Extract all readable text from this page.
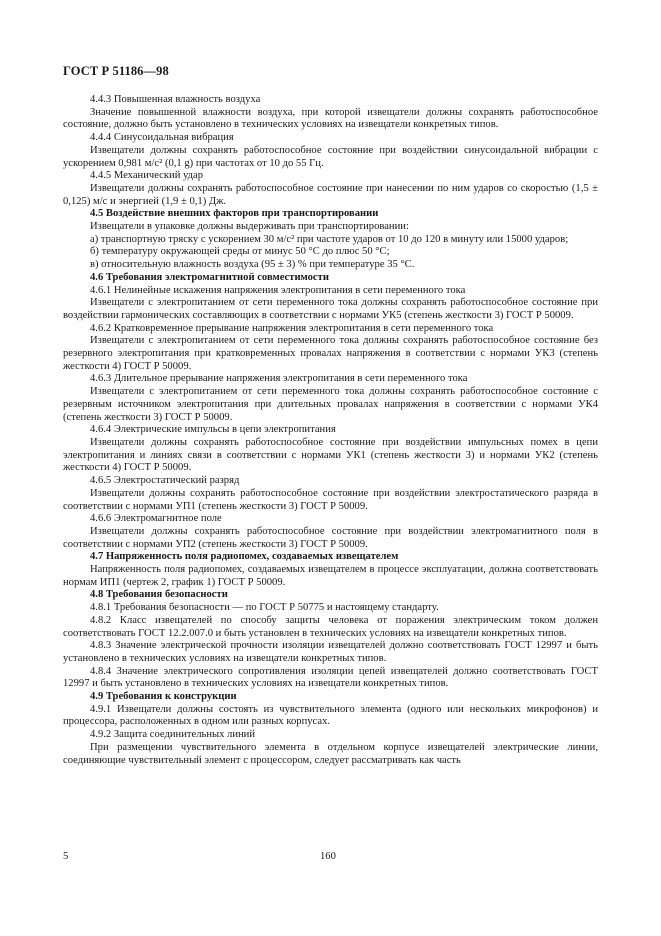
ГОСТ Р 51186—98

4.4.3 Повышенная влажность воздуха

Значение повышенной влажности воздуха, при которой извещатели должны сохранять работоспособное состояние, должно быть установлено в технических условиях на извещатели конкретных типов.

4.4.4 Синусоидальная вибрация

Извещатели должны сохранять работоспособное состояние при воздействии синусоидальной вибрации с ускорением 0,981 м/с² (0,1 g) при частотах от 10 до 55 Гц.

4.4.5 Механический удар

Извещатели должны сохранять работоспособное состояние при нанесении по ним ударов со скоростью (1,5 ± 0,125) м/с и энергией (1,9 ± 0,1) Дж.

4.5 Воздействие внешних факторов при транспортировании

Извещатели в упаковке должны выдерживать при транспортировании:

а) транспортную тряску с ускорением 30 м/с² при частоте ударов от 10 до 120 в минуту или 15000 ударов;

б) температуру окружающей среды от минус 50 °С до плюс 50 °С;

в) относительную влажность воздуха (95 ± 3) % при температуре 35 °С.

4.6 Требования электромагнитной совместимости

4.6.1 Нелинейные искажения напряжения электропитания в сети переменного тока

Извещатели с электропитанием от сети переменного тока должны сохранять работоспособное состояние при воздействии гармонических составляющих в соответствии с нормами УК5 (степень жесткости 3) ГОСТ Р 50009.

4.6.2 Кратковременное прерывание напряжения электропитания в сети переменного тока

Извещатели с электропитанием от сети переменного тока должны сохранять работоспособное состояние без резервного электропитания при кратковременных провалах напряжения в соответствии с нормами УК3 (степень жесткости 4) ГОСТ Р 50009.

4.6.3 Длительное прерывание напряжения электропитания в сети переменного тока

Извещатели с электропитанием от сети переменного тока должны сохранять работоспособное состояние с резервным источником электропитания при длительных провалах напряжения в соответствии с нормами УК4 (степень жесткости 3) ГОСТ Р 50009.

4.6.4 Электрические импульсы в цепи электропитания

Извещатели должны сохранять работоспособное состояние при воздействии импульсных помех в цепи электропитания и линиях связи в соответствии с нормами УК1 (степень жесткости 3) и нормами УК2 (степень жесткости 4) ГОСТ Р 50009.

4.6.5 Электростатический разряд

Извещатели должны сохранять работоспособное состояние при воздействии электростатического разряда в соответствии с нормами УП1 (степень жесткости 3) ГОСТ Р 50009.

4.6.6 Электромагнитное поле

Извещатели должны сохранять работоспособное состояние при воздействии электромагнитного поля в соответствии с нормами УП2 (степень жесткости 3) ГОСТ Р 50009.

4.7 Напряженность поля радиопомех, создаваемых извещателем

Напряженность поля радиопомех, создаваемых извещателем в процессе эксплуатации, должна соответствовать нормам ИП1 (чертеж 2, график 1) ГОСТ Р 50009.

4.8 Требования безопасности

4.8.1 Требования безопасности — по ГОСТ Р 50775 и настоящему стандарту.

4.8.2 Класс извещателей по способу защиты человека от поражения электрическим током должен соответствовать ГОСТ 12.2.007.0 и быть установлен в технических условиях на извещатели конкретных типов.

4.8.3 Значение электрической прочности изоляции извещателей должно соответствовать ГОСТ 12997 и быть установлено в технических условиях на извещатели конкретных типов.

4.8.4 Значение электрического сопротивления изоляции цепей извещателей должно соответствовать ГОСТ 12997 и быть установлено в технических условиях на извещатели конкретных типов.

4.9 Требования к конструкции

4.9.1 Извещатели должны состоять из чувствительного элемента (одного или нескольких микрофонов) и процессора, расположенных в одном или разных корпусах.

4.9.2 Защита соединительных линий

При размещении чувствительного элемента в отдельном корпусе извещателей электрические линии, соединяющие чувствительный элемент с процессором, следует рассматривать как часть

5	160
